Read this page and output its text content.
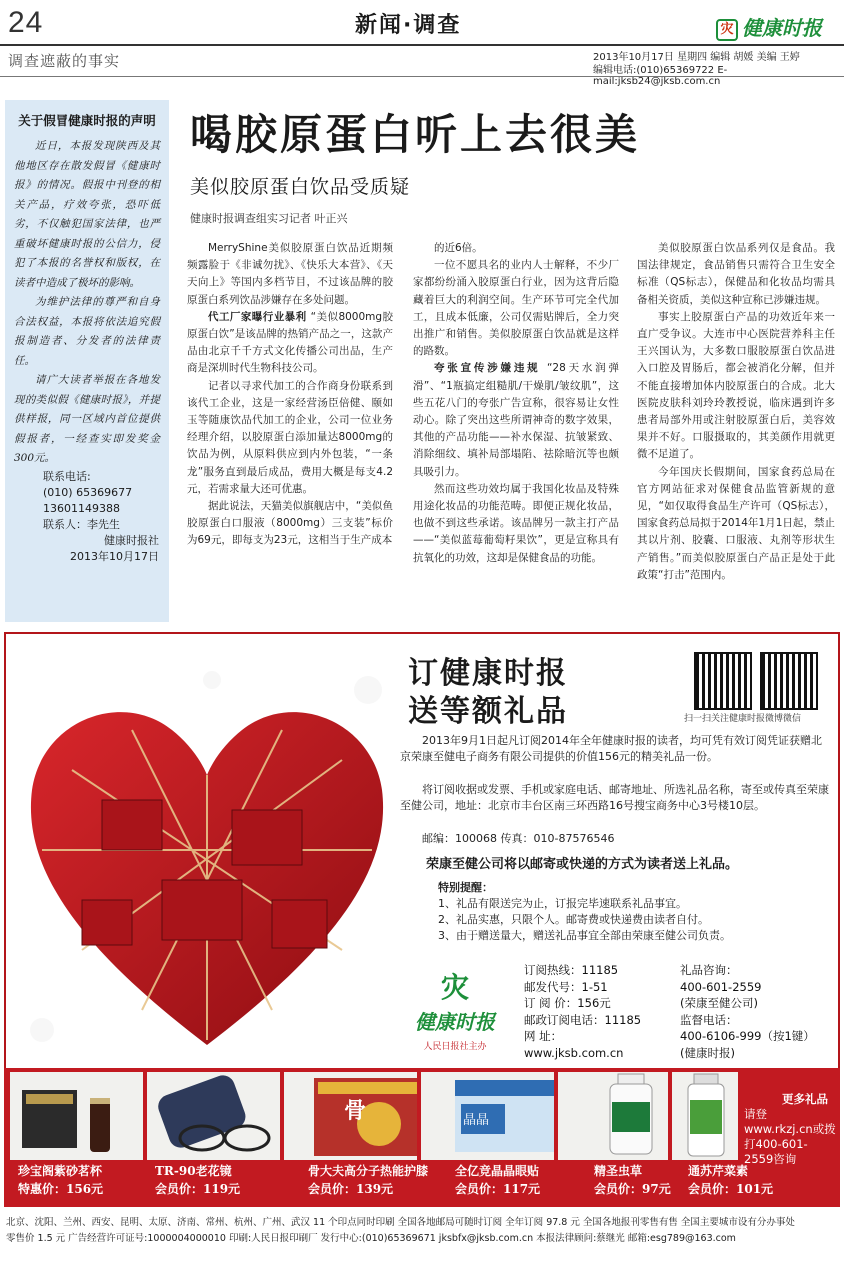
24	新闻·调查	灾 健康时报
调查遮蔽的事实	2013年10月17日 星期四 编辑 胡媛 美编 王婷
编辑电话:(010)65369722 E-mail:jksb24@jksb.com.cn
关于假冒健康时报的声明

近日，本报发现陕西及其他地区存在散发假冒《健康时报》的情况。假报中刊登的相关产品，疗效夸张，恐吓低劣，不仅触犯国家法律，也严重破坏健康时报的公信力，侵犯了本报的名誉权和版权，在读者中造成了极坏的影响。

为维护法律的尊严和自身合法权益，本报将依法追究假报制造者、分发者的法律责任。

请广大读者举报在各地发现的类似假《健康时报》，并提供样报，同一区域内首位提供假报者，一经查实即发奖金300元。

联系电话:
(010) 65369677
13601149388
联系人：李先生
健康时报社
2013年10月17日
喝胶原蛋白听上去很美
美似胶原蛋白饮品受质疑
健康时报调查组实习记者 叶正兴

MerryShine美似胶原蛋白饮品近期频频露脸于《非诚勿扰》、《快乐大本营》、《天天向上》等国内多档节目，不过该品牌的胶原蛋白系列饮品涉嫌存在多处问题。

代工厂家曝行业暴利 “美似8000mg胶原蛋白饮”是该品牌的热销产品之一，这款产品由北京千千方式文化传播公司出品，生产商是深圳时代生物科技公司。

记者以寻求代加工的合作商身份联系到该代工企业，这是一家经营汤臣倍健、颐如玉等随康饮品代加工的企业，公司一位业务经理介绍，以胶原蛋白添加量达8000mg的饮品为例，从原料供应到内外包装，“一条龙”服务直到最后成品，费用大概是每支4.2元，若需求量大还可优惠。

据此说法，天猫美似旗舰店中，“美似鱼胶原蛋白口服液（8000mg）三支装”标价为69元，即每支为23元，这相当于生产成本

的近6倍。

一位不愿具名的业内人士解释，不少厂家都纷纷涌入胶原蛋白行业，因为这背后隐藏着巨大的利润空间。生产环节可完全代加工，且成本低廉，公司仅需贴牌后，全力突出推广和销售。美似胶原蛋白饮品就是这样的路数。

夸张宣传涉嫌违规 “28天水润弹滑”、“1瓶搞定组糙肌/干燥肌/皱纹肌”，这些五花八门的夸张广告宣称，很容易让女性动心。除了突出这些所谓神奇的数字效果，其他的产品功能——补水保湿、抗皱紧致、消除细纹、填补局部塌陷、祛除暗沉等也颇具吸引力。

然而这些功效均属于我国化妆品及特殊用途化妆品的功能范畴。即便正规化妆品，也做不到这些承诺。该品牌另一款主打产品——“美似蓝莓葡萄籽果饮”，更是宣称具有抗氧化的功效，这却是保健食品的功能。

美似胶原蛋白饮品系列仅是食品。我国法律规定，食品销售只需符合卫生安全标准（QS标志），保健品和化妆品均需具备相关资质，美似这种宣称已涉嫌违规。

事实上胶原蛋白产品的功效近年来一直广受争议。大连市中心医院营养科主任王兴国认为，大多数口服胶原蛋白饮品进入口腔及胃肠后，都会被消化分解，但并不能直接增加体内胶原蛋白的合成。北大医院皮肤科刘玲玲教授说，临床遇到许多患者局部外用或注射胶原蛋白后，美容效果并不好。口服摄取的，其美颜作用就更微不足道了。

今年国庆长假期间，国家食药总局在官方网站征求对保健食品监管新规的意见，“如仅取得食品生产许可（QS标志），国家食药总局拟于2014年1月1日起，禁止其以片剂、胶囊、口服液、丸剂等形状生产销售。”而美似胶原蛋白产品正是处于此政策“打击”范围内。

订健康时报
送等额礼品	扫一扫关注健康时报微博微信
2013年9月1日起凡订阅2014年全年健康时报的读者，均可凭有效订阅凭证获赠北京荣康至健电子商务有限公司提供的价值156元的精美礼品一份。
将订阅收据或发票、手机或家庭电话、邮寄地址、所选礼品名称，寄至或传真至荣康至健公司，地址：北京市丰台区南三环西路16号搜宝商务中心3号楼10层。
邮编：100068 传真：010-87576546
荣康至健公司将以邮寄或快递的方式为读者送上礼品。
特别提醒：
1、礼品有限送完为止，订报完毕速联系礼品事宜。
2、礼品实惠，只限个人。邮寄费或快递费由读者自付。
3、由于赠送量大，赠送礼品事宜全部由荣康至健公司负责。
灾
健康时报
人民日报社主办
订阅热线：11185
邮发代号：1-51
订 阅 价：156元
邮政订阅电话：11185
网 址：
www.jksb.com.cn
礼品咨询：
400-601-2559
(荣康至健公司)
监督电话：
400-6106-999（按1键）
(健康时报)
珍宝阁紫砂茗杯
特惠价：156元
TR-90老花镜
会员价：119元
骨
骨大夫高分子热能护膝
会员价：139元
晶晶
全亿竞晶晶眼贴
会员价：117元
精圣虫草
会员价：97元
通苏芹菜素
会员价：101元
更多礼品
请登 www.rkzj.cn或拨打400-601-2559咨询
北京、沈阳、兰州、西安、昆明、太原、济南、常州、杭州、广州、武汉 11 个印点同时印刷 全国各地邮局可随时订阅 全年订阅 97.8 元 全国各地报刊零售有售 全国主要城市设有分办事处
零售价 1.5 元 广告经营许可证号:1000004000010 印刷:人民日报印刷厂 发行中心:(010)65369671 jksbfx@jksb.com.cn 本报法律顾问:蔡继光 邮箱:esg789@163.com
